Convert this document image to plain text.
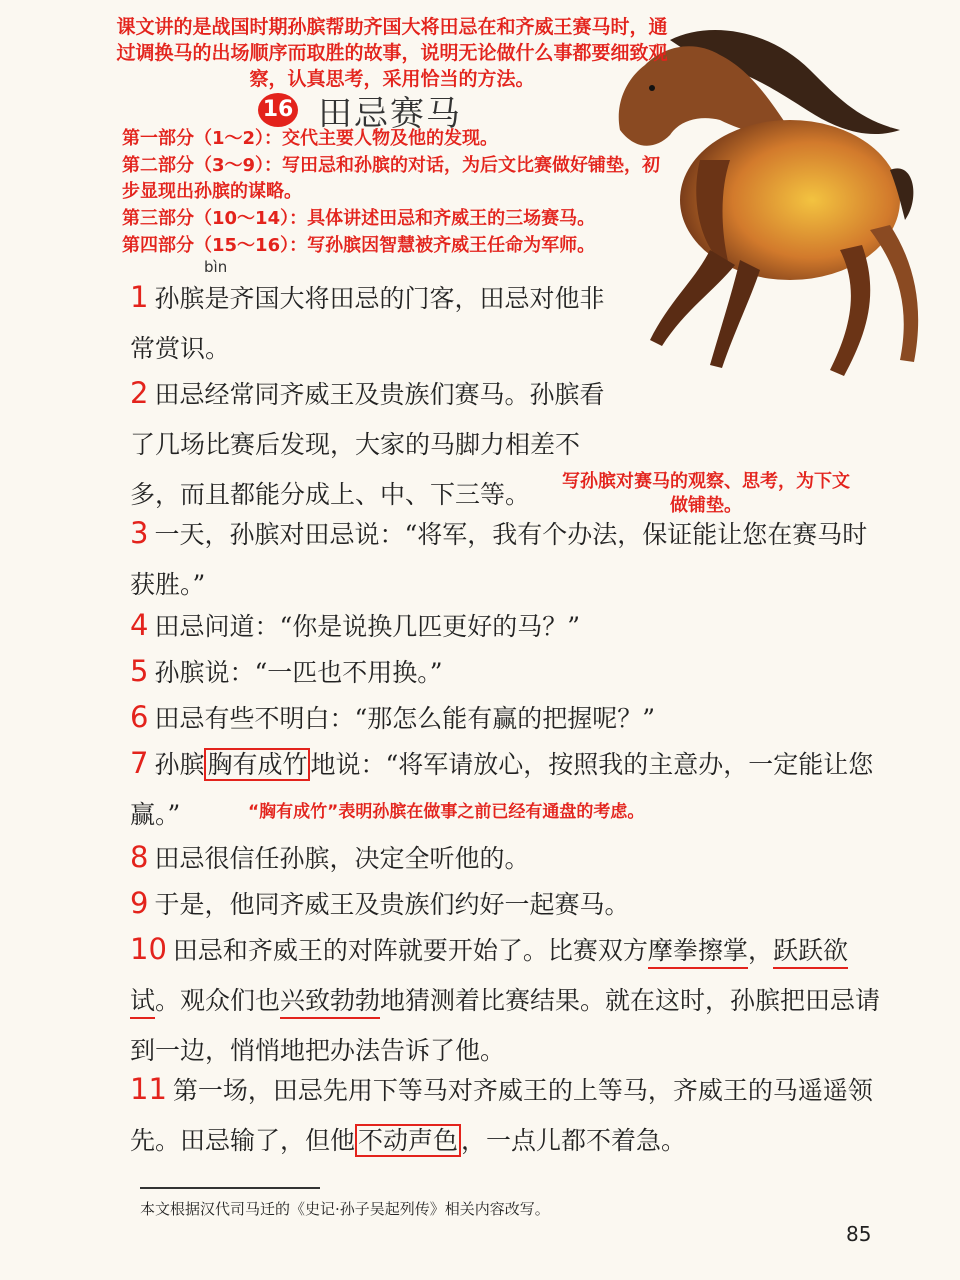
课文讲的是战国时期孙膑帮助齐国大将田忌在和齐威王赛马时，通过调换马的出场顺序而取胜的故事，说明无论做什么事都要细致观察，认真思考，采用恰当的方法。
16 田忌赛马
第一部分（1～2）：交代主要人物及他的发现。
第二部分（3～9）：写田忌和孙膑的对话，为后文比赛做好铺垫，初步显现出孙膑的谋略。
第三部分（10～14）：具体讲述田忌和齐威王的三场赛马。
第四部分（15～16）：写孙膑因智慧被齐威王任命为军师。
bìn
1 孙膑是齐国大将田忌的门客，田忌对他非常赏识。
2 田忌经常同齐威王及贵族们赛马。孙膑看了几场比赛后发现，大家的马脚力相差不多，而且都能分成上、中、下三等。	写孙膑对赛马的观察、思考，为下文做铺垫。
3 一天，孙膑对田忌说：“将军，我有个办法，保证能让您在赛马时获胜。”
4 田忌问道：“你是说换几匹更好的马？”
5 孙膑说：“一匹也不用换。”
6 田忌有些不明白：“那怎么能有赢的把握呢？”
7 孙膑 胸有成竹 地说：“将军请放心，按照我的主意办，一定能让您赢。”	“胸有成竹”表明孙膑在做事之前已经有通盘的考虑。
8 田忌很信任孙膑，决定全听他的。
9 于是，他同齐威王及贵族们约好一起赛马。
10 田忌和齐威王的对阵就要开始了。比赛双方摩拳擦掌，跃跃欲试。观众们也兴致勃勃地猜测着比赛结果。就在这时，孙膑把田忌请到一边，悄悄地把办法告诉了他。
11 第一场，田忌先用下等马对齐威王的上等马，齐威王的马遥遥领先。田忌输了，但他 不动声色 ，一点儿都不着急。
本文根据汉代司马迁的《史记·孙子吴起列传》相关内容改写。
85
